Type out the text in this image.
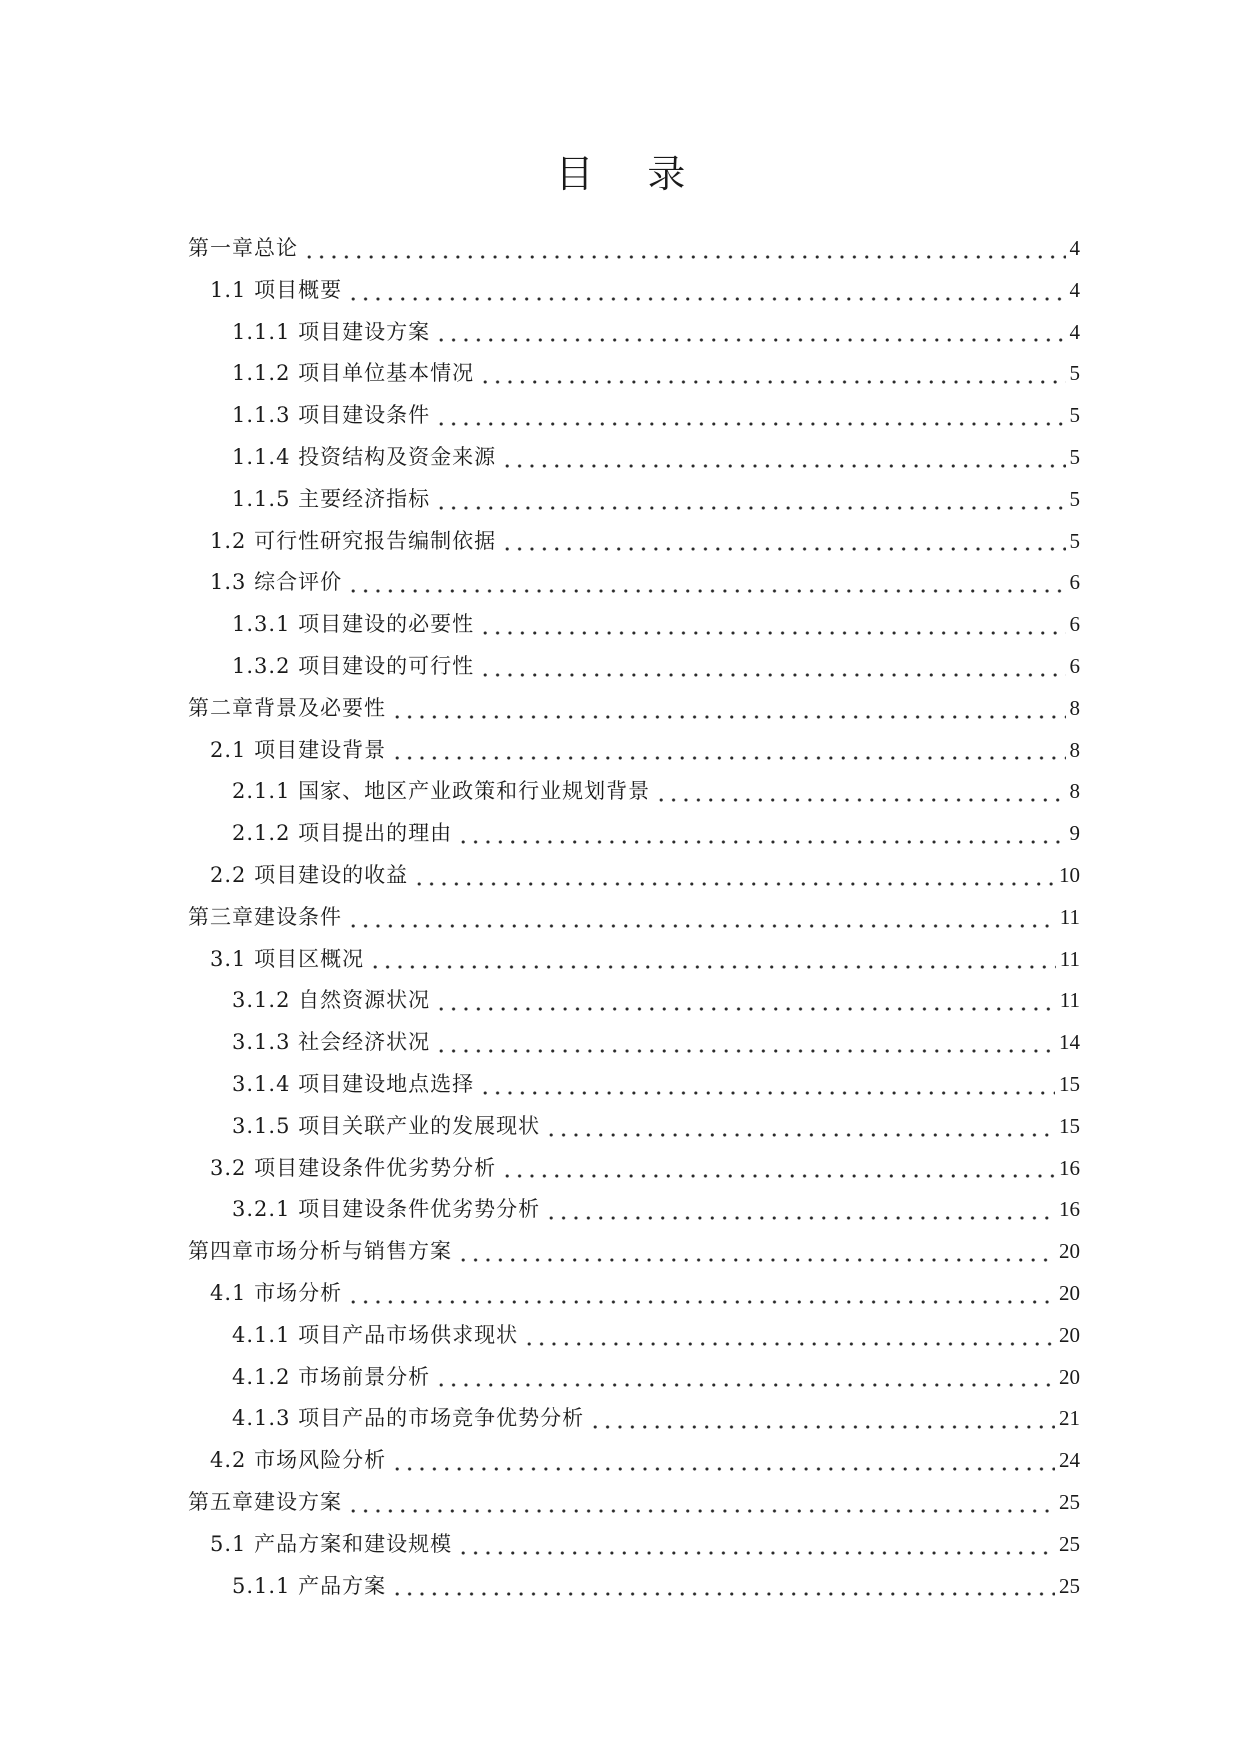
目 录
第一章总论	4
1.1 项目概要	4
1.1.1 项目建设方案	4
1.1.2 项目单位基本情况	5
1.1.3 项目建设条件	5
1.1.4 投资结构及资金来源	5
1.1.5 主要经济指标	5
1.2 可行性研究报告编制依据	5
1.3 综合评价	6
1.3.1 项目建设的必要性	6
1.3.2 项目建设的可行性	6
第二章背景及必要性	8
2.1 项目建设背景	8
2.1.1 国家、地区产业政策和行业规划背景	8
2.1.2 项目提出的理由	9
2.2 项目建设的收益	10
第三章建设条件	11
3.1 项目区概况	11
3.1.2 自然资源状况	11
3.1.3 社会经济状况	14
3.1.4 项目建设地点选择	15
3.1.5 项目关联产业的发展现状	15
3.2 项目建设条件优劣势分析	16
3.2.1 项目建设条件优劣势分析	16
第四章市场分析与销售方案	20
4.1 市场分析	20
4.1.1 项目产品市场供求现状	20
4.1.2 市场前景分析	20
4.1.3 项目产品的市场竞争优势分析	21
4.2 市场风险分析	24
第五章建设方案	25
5.1 产品方案和建设规模	25
5.1.1 产品方案	25
